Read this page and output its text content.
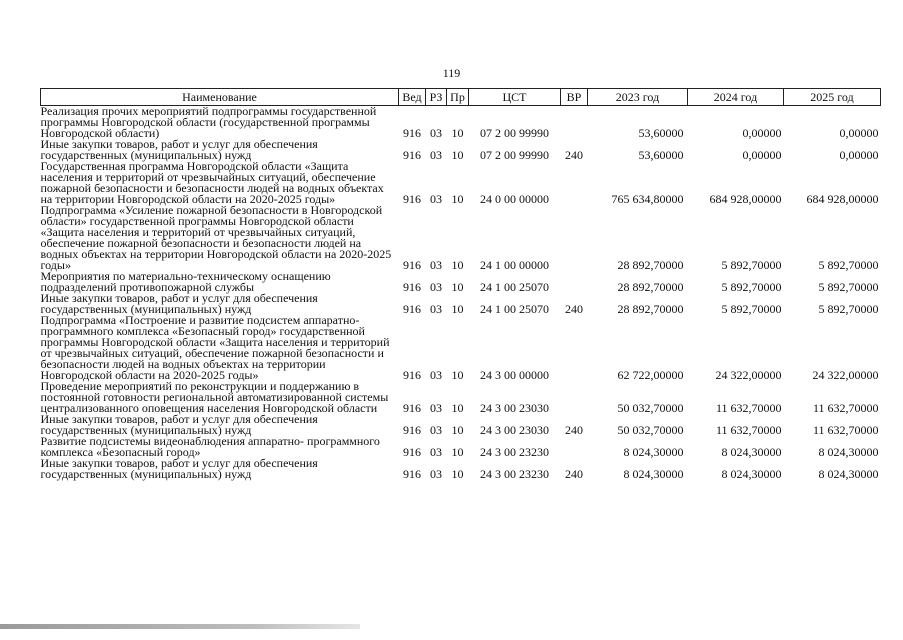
119
Наименование	Вед	РЗ	Пр	ЦСТ	ВР	2023 год	2024 год	2025 год

Реализация прочих мероприятий подпрограммы государственной программы Новгородской области (государственной программы Новгородской области)	916	03	10	07 2 00 99990		53,60000	0,00000	0,00000

Иные закупки товаров, работ и услуг для обеспечения государственных (муниципальных) нужд	916	03	10	07 2 00 99990	240	53,60000	0,00000	0,00000

Государственная программа Новгородской области «Защита населения и территорий от чрезвычайных ситуаций, обеспечение пожарной безопасности и безопасности людей на водных объектах на территории Новгородской области на 2020-2025 годы»	916	03	10	24 0 00 00000		765 634,80000	684 928,00000	684 928,00000

Подпрограмма «Усиление пожарной безопасности в Новгородской области» государственной программы Новгородской области «Защита населения и территорий от чрезвычайных ситуаций, обеспечение пожарной безопасности и безопасности людей на водных объектах на территории Новгородской области на 2020-2025 годы»	916	03	10	24 1 00 00000		28 892,70000	5 892,70000	5 892,70000

Мероприятия по материально-техническому оснащению подразделений противопожарной службы	916	03	10	24 1 00 25070		28 892,70000	5 892,70000	5 892,70000

Иные закупки товаров, работ и услуг для обеспечения государственных (муниципальных) нужд	916	03	10	24 1 00 25070	240	28 892,70000	5 892,70000	5 892,70000

Подпрограмма «Построение и развитие подсистем аппаратно-программного комплекса «Безопасный город» государственной программы Новгородской области «Защита населения и территорий от чрезвычайных ситуаций, обеспечение пожарной безопасности и безопасности людей на водных объектах на территории Новгородской области на 2020-2025 годы»	916	03	10	24 3 00 00000		62 722,00000	24 322,00000	24 322,00000

Проведение мероприятий по реконструкции и поддержанию в постоянной готовности региональной автоматизированной системы централизованного оповещения населения Новгородской области	916	03	10	24 3 00 23030		50 032,70000	11 632,70000	11 632,70000

Иные закупки товаров, работ и услуг для обеспечения государственных (муниципальных) нужд	916	03	10	24 3 00 23030	240	50 032,70000	11 632,70000	11 632,70000

Развитие подсистемы видеонаблюдения аппаратно- программного комплекса «Безопасный город»	916	03	10	24 3 00 23230		8 024,30000	8 024,30000	8 024,30000

Иные закупки товаров, работ и услуг для обеспечения государственных (муниципальных) нужд	916	03	10	24 3 00 23230	240	8 024,30000	8 024,30000	8 024,30000
